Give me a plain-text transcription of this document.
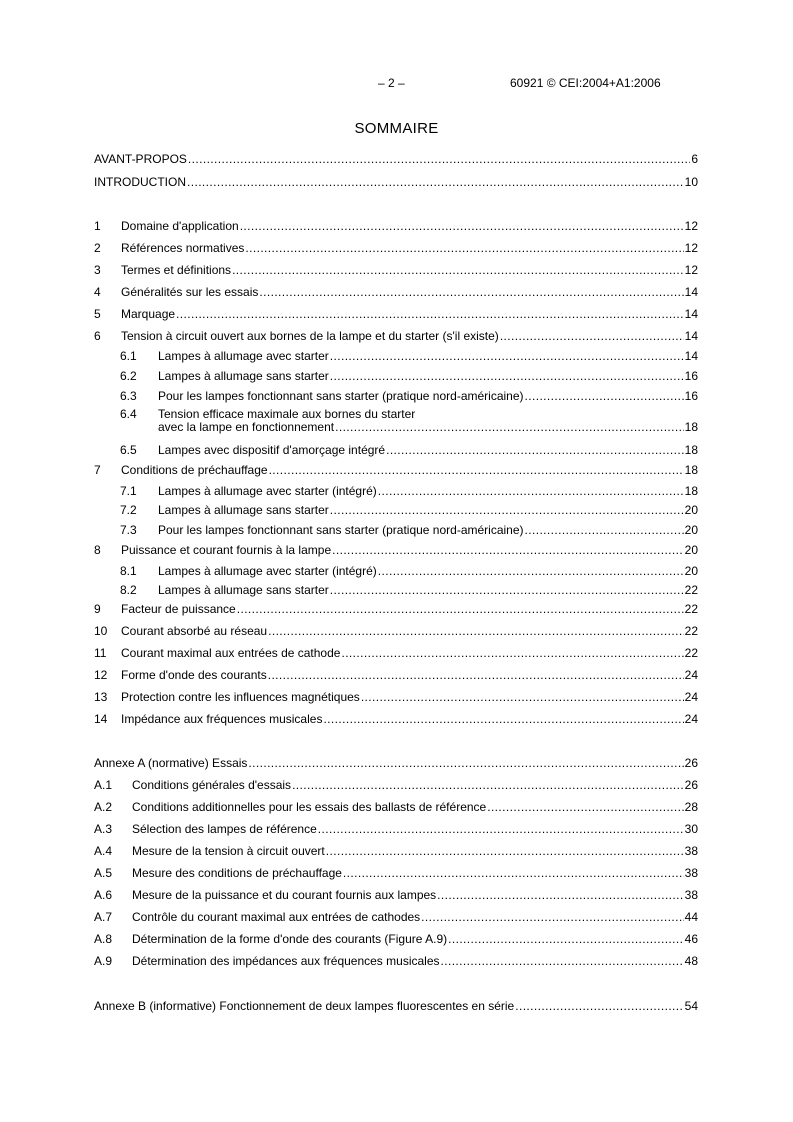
– 2 –	60921 © CEI:2004+A1:2006
SOMMAIRE
AVANT-PROPOS .....	6
INTRODUCTION .....	10
1	Domaine d'application .....	12
2	Références normatives .....	12
3	Termes et définitions .....	12
4	Généralités sur les essais .....	14
5	Marquage .....	14
6	Tension à circuit ouvert aux bornes de la lampe et du starter (s'il existe) .....	14
6.1	Lampes à allumage avec starter .....	14
6.2	Lampes à allumage sans starter .....	16
6.3	Pour les lampes fonctionnant sans starter (pratique nord-américaine) .....	16
6.4 Tension efficace maximale aux bornes du starter
avec la lampe en fonctionnement .....	18
6.5	Lampes avec dispositif d'amorçage intégré .....	18
7	Conditions de préchauffage .....	18
7.1	Lampes à allumage avec starter (intégré) .....	18
7.2	Lampes à allumage sans starter .....	20
7.3	Pour les lampes fonctionnant sans starter (pratique nord-américaine) .....	20
8	Puissance et courant fournis à la lampe .....	20
8.1	Lampes à allumage avec starter (intégré) .....	20
8.2	Lampes à allumage sans starter .....	22
9	Facteur de puissance .....	22
10	Courant absorbé au réseau .....	22
11	Courant maximal aux entrées de cathode .....	22
12	Forme d'onde des courants .....	24
13	Protection contre les influences magnétiques .....	24
14	Impédance aux fréquences musicales .....	24
Annexe A (normative) Essais .....	26
A.1	Conditions générales d'essais .....	26
A.2	Conditions additionnelles pour les essais des ballasts de référence .....	28
A.3	Sélection des lampes de référence .....	30
A.4	Mesure de la tension à circuit ouvert .....	38
A.5	Mesure des conditions de préchauffage .....	38
A.6	Mesure de la puissance et du courant fournis aux lampes .....	38
A.7	Contrôle du courant maximal aux entrées de cathodes .....	44
A.8	Détermination de la forme d'onde des courants (Figure A.9) .....	46
A.9	Détermination des impédances aux fréquences musicales .....	48
Annexe B (informative) Fonctionnement de deux lampes fluorescentes en série .....	54
